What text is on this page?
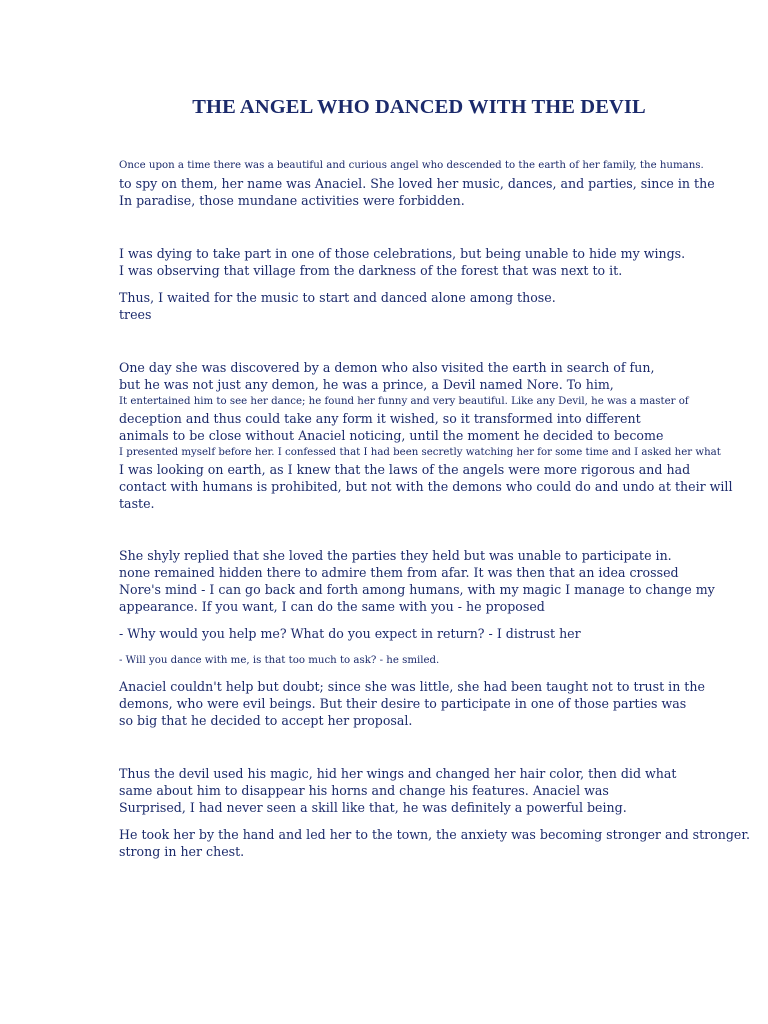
THE ANGEL WHO DANCED WITH THE DEVIL
Once upon a time there was a beautiful and curious angel who descended to the earth of her family, the humans.
to spy on them, her name was Anaciel. She loved her music, dances, and parties, since in the
In paradise, those mundane activities were forbidden.
I was dying to take part in one of those celebrations, but being unable to hide my wings.
I was observing that village from the darkness of the forest that was next to it.
Thus, I waited for the music to start and danced alone among those.
trees
One day she was discovered by a demon who also visited the earth in search of fun,
but he was not just any demon, he was a prince, a Devil named Nore. To him,
It entertained him to see her dance; he found her funny and very beautiful. Like any Devil, he was a master of
deception and thus could take any form it wished, so it transformed into different
animals to be close without Anaciel noticing, until the moment he decided to become
I presented myself before her. I confessed that I had been secretly watching her for some time and I asked her what
I was looking on earth, as I knew that the laws of the angels were more rigorous and had
contact with humans is prohibited, but not with the demons who could do and undo at their will
taste.
She shyly replied that she loved the parties they held but was unable to participate in.
none remained hidden there to admire them from afar. It was then that an idea crossed
Nore's mind - I can go back and forth among humans, with my magic I manage to change my
appearance. If you want, I can do the same with you - he proposed
- Why would you help me? What do you expect in return? - I distrust her
- Will you dance with me, is that too much to ask? - he smiled.
Anaciel couldn't help but doubt; since she was little, she had been taught not to trust in the
demons, who were evil beings. But their desire to participate in one of those parties was
so big that he decided to accept her proposal.
Thus the devil used his magic, hid her wings and changed her hair color, then did what
same about him to disappear his horns and change his features. Anaciel was
Surprised, I had never seen a skill like that, he was definitely a powerful being.
He took her by the hand and led her to the town, the anxiety was becoming stronger and stronger.
strong in her chest.
